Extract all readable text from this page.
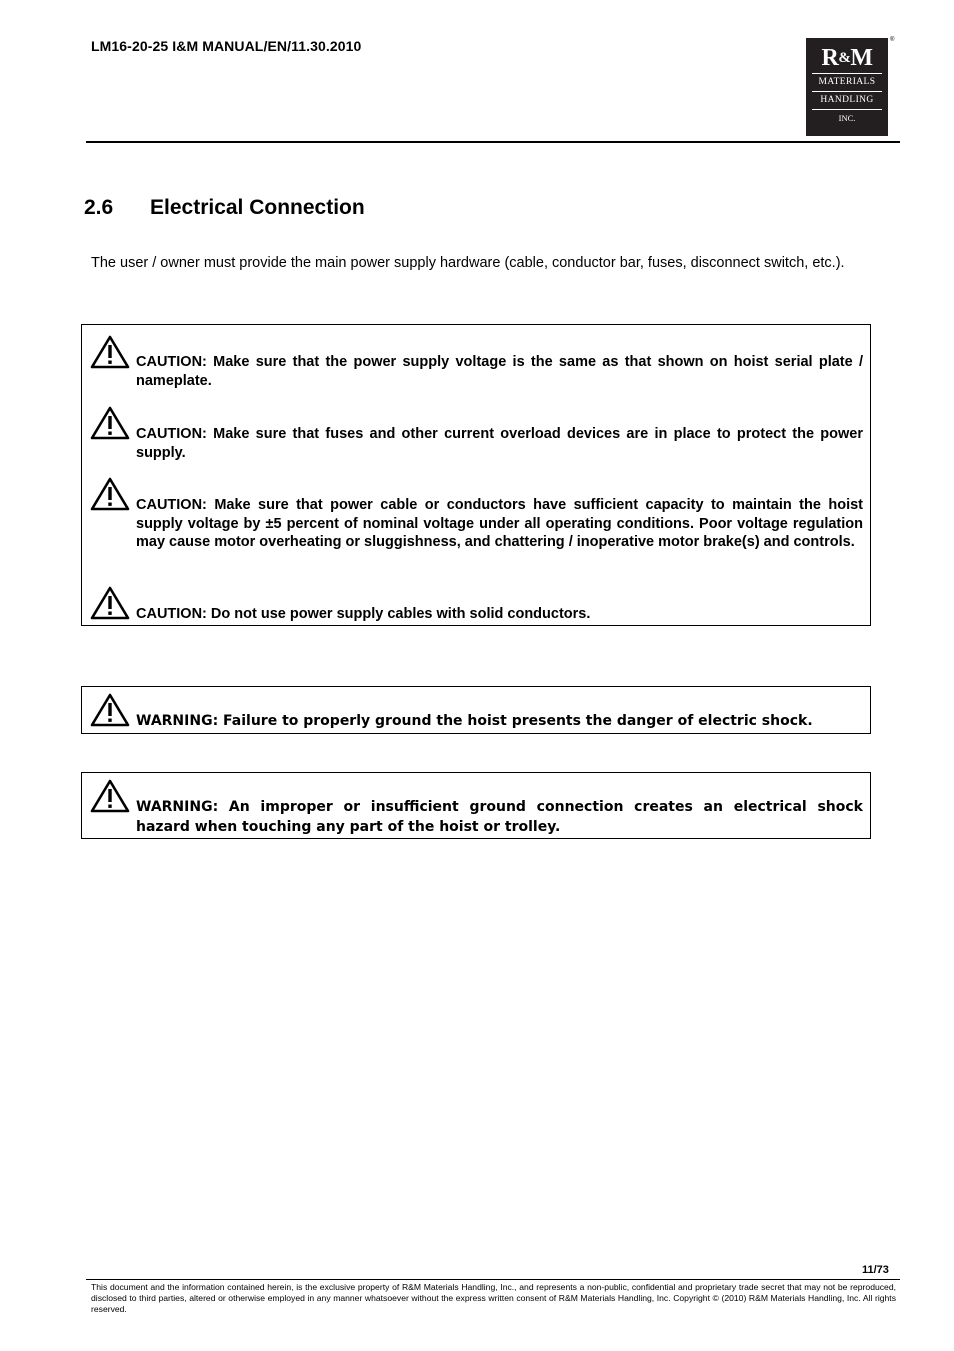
LM16-20-25 I&M MANUAL/EN/11.30.2010	R&M
MATERIALS
HANDLING
INC.
®
2.6 Electrical Connection
The user / owner must provide the main power supply hardware (cable, conductor bar, fuses, disconnect switch, etc.).
CAUTION: Make sure that the power supply voltage is the same as that shown on hoist serial plate / nameplate.
CAUTION: Make sure that fuses and other current overload devices are in place to protect the power supply.
CAUTION: Make sure that power cable or conductors have sufficient capacity to maintain the hoist supply voltage by ±5 percent of nominal voltage under all operating conditions. Poor voltage regulation may cause motor overheating or sluggishness, and chattering / inoperative motor brake(s) and controls.
CAUTION: Do not use power supply cables with solid conductors.
WARNING: Failure to properly ground the hoist presents the danger of electric shock.
WARNING: An improper or insufficient ground connection creates an electrical shock hazard when touching any part of the hoist or trolley.
11/73
This document and the information contained herein, is the exclusive property of R&M Materials Handling, Inc., and represents a non-public, confidential and proprietary trade secret that may not be reproduced, disclosed to third parties, altered or otherwise employed in any manner whatsoever without the express written consent of R&M Materials Handling, Inc. Copyright © (2010) R&M Materials Handling, Inc. All rights reserved.
